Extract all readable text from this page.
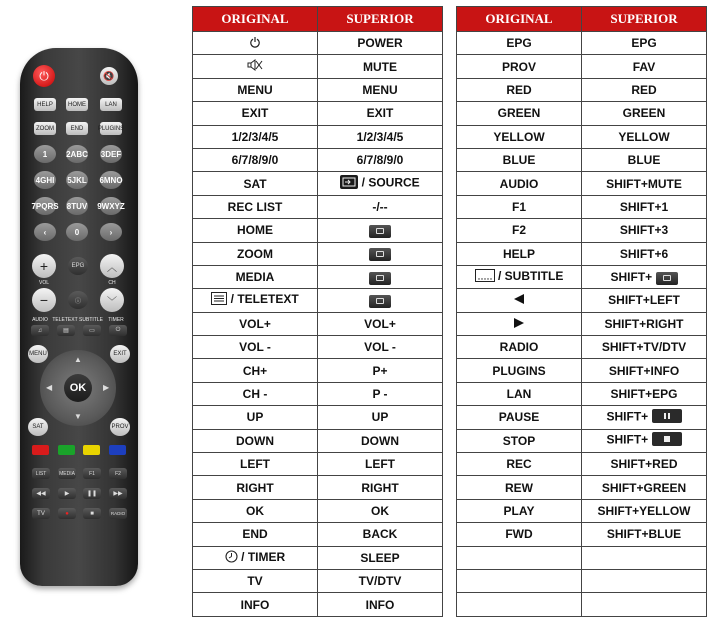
⏻	🔇
HELP	HOME	LAN
ZOOM	END	PLUGINS
1	2ABC 3DEF
4GHI 5JKL 6MNO
7PQRS 8TUV 9WXYZ
‹	0	›
+	EPG	︿
VOL	CH
−	ⓘ	﹀
AUDIO TELETEXT SUBTITLE	TIMER
♫	▤	▭	⏻
MENU	EXIT
▲
▼
◀	▶
OK
SAT	PROV
LIST	MEDIA	F1	F2
◀◀	▶	❚❚	▶▶
TV	●	■	RADIO
ORIGINAL	SUPERIOR
	POWER
	MUTE
MENU	MENU
EXIT	EXIT
1/2/3/4/5	1/2/3/4/5
6/7/8/9/0	6/7/8/9/0
SAT	/ SOURCE
REC LIST	-/--
HOME	
ZOOM	
MEDIA	
/ TELETEXT	
VOL+	VOL+
VOL -	VOL -
CH+	P+
CH -	P -
UP	UP
DOWN	DOWN
LEFT	LEFT
RIGHT	RIGHT
OK	OK
END	BACK
/ TIMER	SLEEP
TV	TV/DTV
INFO	INFO
ORIGINAL	SUPERIOR
EPG	EPG
PROV	FAV
RED	RED
GREEN	GREEN
YELLOW	YELLOW
BLUE	BLUE
AUDIO	SHIFT+MUTE
F1	SHIFT+1
F2	SHIFT+3
HELP	SHIFT+6
/ SUBTITLE	SHIFT+
	SHIFT+LEFT
	SHIFT+RIGHT
RADIO	SHIFT+TV/DTV
PLUGINS	SHIFT+INFO
LAN	SHIFT+EPG
PAUSE	SHIFT+
STOP	SHIFT+
REC	SHIFT+RED
REW	SHIFT+GREEN
PLAY	SHIFT+YELLOW
FWD	SHIFT+BLUE
